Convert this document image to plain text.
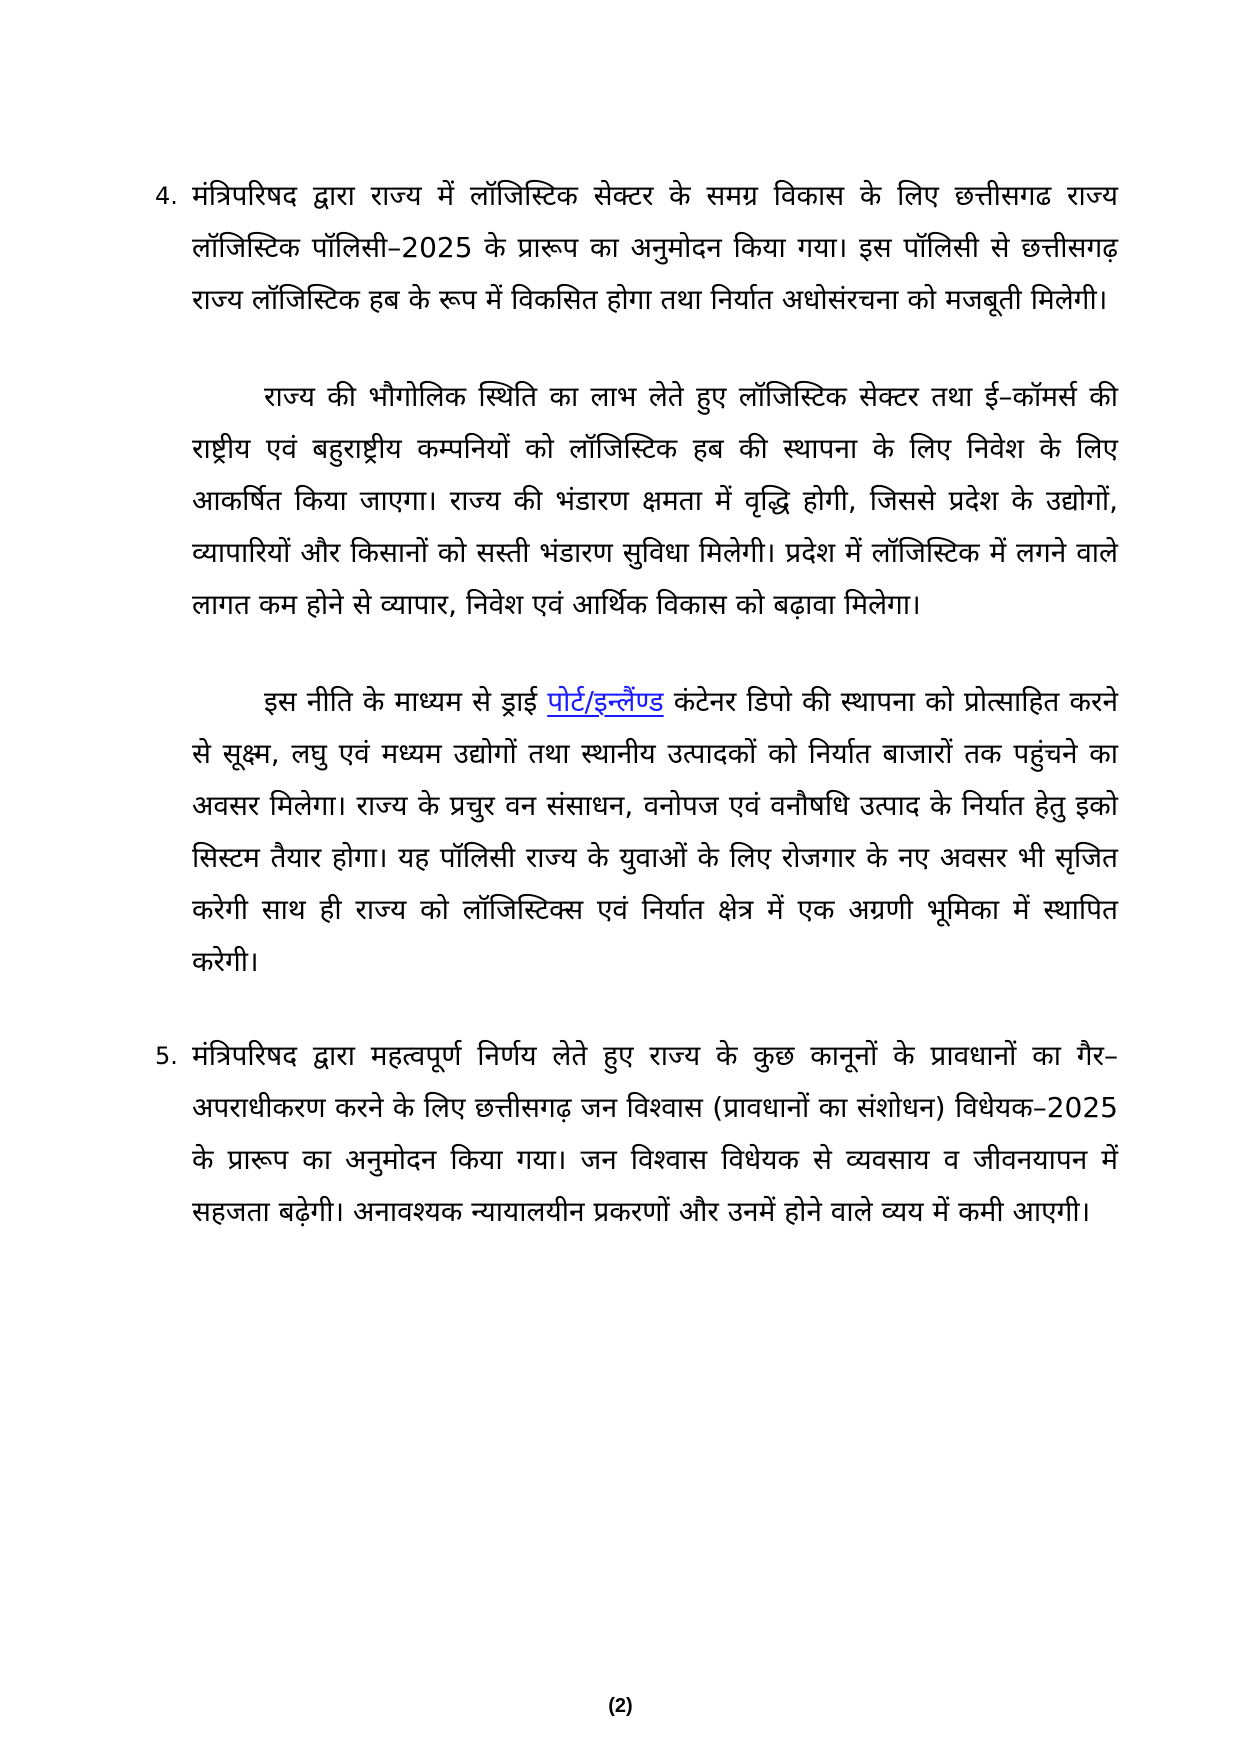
4. मंत्रिपरिषद द्वारा राज्य में लॉजिस्टिक सेक्टर के समग्र विकास के लिए छत्तीसगढ राज्य लॉजिस्टिक पॉलिसी–2025 के प्रारूप का अनुमोदन किया गया। इस पॉलिसी से छत्तीसगढ़ राज्य लॉजिस्टिक हब के रूप में विकसित होगा तथा निर्यात अधोसंरचना को मजबूती मिलेगी।

राज्य की भौगोलिक स्थिति का लाभ लेते हुए लॉजिस्टिक सेक्टर तथा ई–कॉमर्स की राष्ट्रीय एवं बहुराष्ट्रीय कम्पनियों को लॉजिस्टिक हब की स्थापना के लिए निवेश के लिए आकर्षित किया जाएगा। राज्य की भंडारण क्षमता में वृद्धि होगी, जिससे प्रदेश के उद्योगों, व्यापारियों और किसानों को सस्ती भंडारण सुविधा मिलेगी। प्रदेश में लॉजिस्टिक में लगने वाले लागत कम होने से व्यापार, निवेश एवं आर्थिक विकास को बढ़ावा मिलेगा।

इस नीति के माध्यम से ड्राई पोर्ट/इन्लैंण्ड कंटेनर डिपो की स्थापना को प्रोत्साहित करने से सूक्ष्म, लघु एवं मध्यम उद्योगों तथा स्थानीय उत्पादकों को निर्यात बाजारों तक पहुंचने का अवसर मिलेगा। राज्य के प्रचुर वन संसाधन, वनोपज एवं वनौषधि उत्पाद के निर्यात हेतु इको सिस्टम तैयार होगा। यह पॉलिसी राज्य के युवाओं के लिए रोजगार के नए अवसर भी सृजित करेगी साथ ही राज्य को लॉजिस्टिक्स एवं निर्यात क्षेत्र में एक अग्रणी भूमिका में स्थापित करेगी।

5. मंत्रिपरिषद द्वारा महत्वपूर्ण निर्णय लेते हुए राज्य के कुछ कानूनों के प्रावधानों का गैर–अपराधीकरण करने के लिए छत्तीसगढ़ जन विश्वास (प्रावधानों का संशोधन) विधेयक–2025 के प्रारूप का अनुमोदन किया गया। जन विश्वास विधेयक से व्यवसाय व जीवनयापन में सहजता बढ़ेगी। अनावश्यक न्यायालयीन प्रकरणों और उनमें होने वाले व्यय में कमी आएगी।

(2)
